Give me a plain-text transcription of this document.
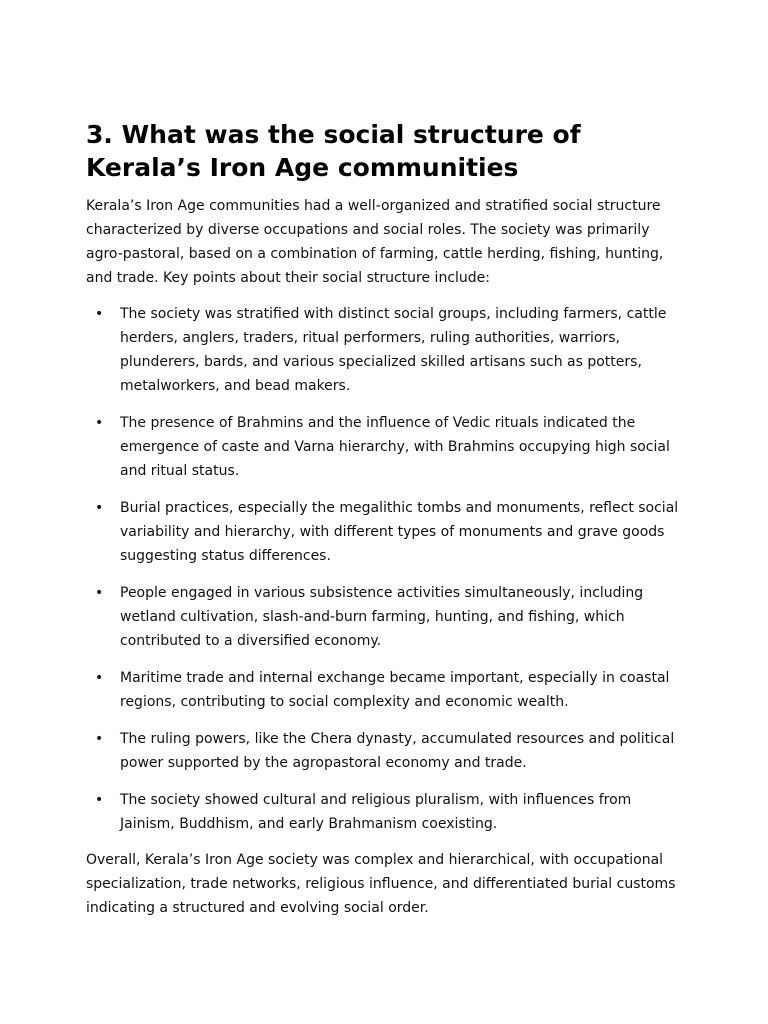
3. What was the social structure of Kerala’s Iron Age communities

Kerala’s Iron Age communities had a well-organized and stratified social structure characterized by diverse occupations and social roles. The society was primarily agro-pastoral, based on a combination of farming, cattle herding, fishing, hunting, and trade. Key points about their social structure include:

• The society was stratified with distinct social groups, including farmers, cattle herders, anglers, traders, ritual performers, ruling authorities, warriors, plunderers, bards, and various specialized skilled artisans such as potters, metalworkers, and bead makers.
• The presence of Brahmins and the influence of Vedic rituals indicated the emergence of caste and Varna hierarchy, with Brahmins occupying high social and ritual status.
• Burial practices, especially the megalithic tombs and monuments, reflect social variability and hierarchy, with different types of monuments and grave goods suggesting status differences.
• People engaged in various subsistence activities simultaneously, including wetland cultivation, slash-and-burn farming, hunting, and fishing, which contributed to a diversified economy.
• Maritime trade and internal exchange became important, especially in coastal regions, contributing to social complexity and economic wealth.
• The ruling powers, like the Chera dynasty, accumulated resources and political power supported by the agropastoral economy and trade.
• The society showed cultural and religious pluralism, with influences from Jainism, Buddhism, and early Brahmanism coexisting.

Overall, Kerala’s Iron Age society was complex and hierarchical, with occupational specialization, trade networks, religious influence, and differentiated burial customs indicating a structured and evolving social order.
